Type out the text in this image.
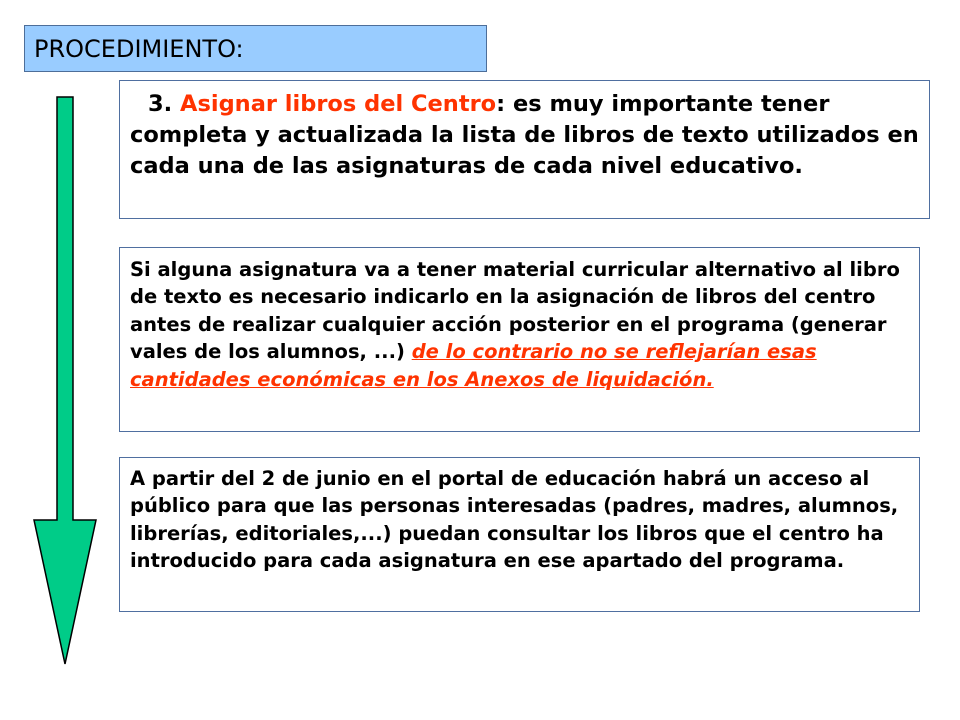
PROCEDIMIENTO:
3. Asignar libros del Centro: es muy importante tener completa y actualizada la lista de libros de texto utilizados en cada una de las asignaturas de cada nivel educativo.
Si alguna asignatura va a tener material curricular alternativo al libro de texto es necesario indicarlo en la asignación de libros del centro antes de realizar cualquier acción posterior en el programa (generar vales de los alumnos, ...) de lo contrario no se reflejarían esas cantidades económicas en los Anexos de liquidación.
A partir del 2 de junio en el portal de educación habrá un acceso al público para que las personas interesadas (padres, madres, alumnos, librerías, editoriales,...) puedan consultar los libros que el centro ha introducido para cada asignatura en ese apartado del programa.
